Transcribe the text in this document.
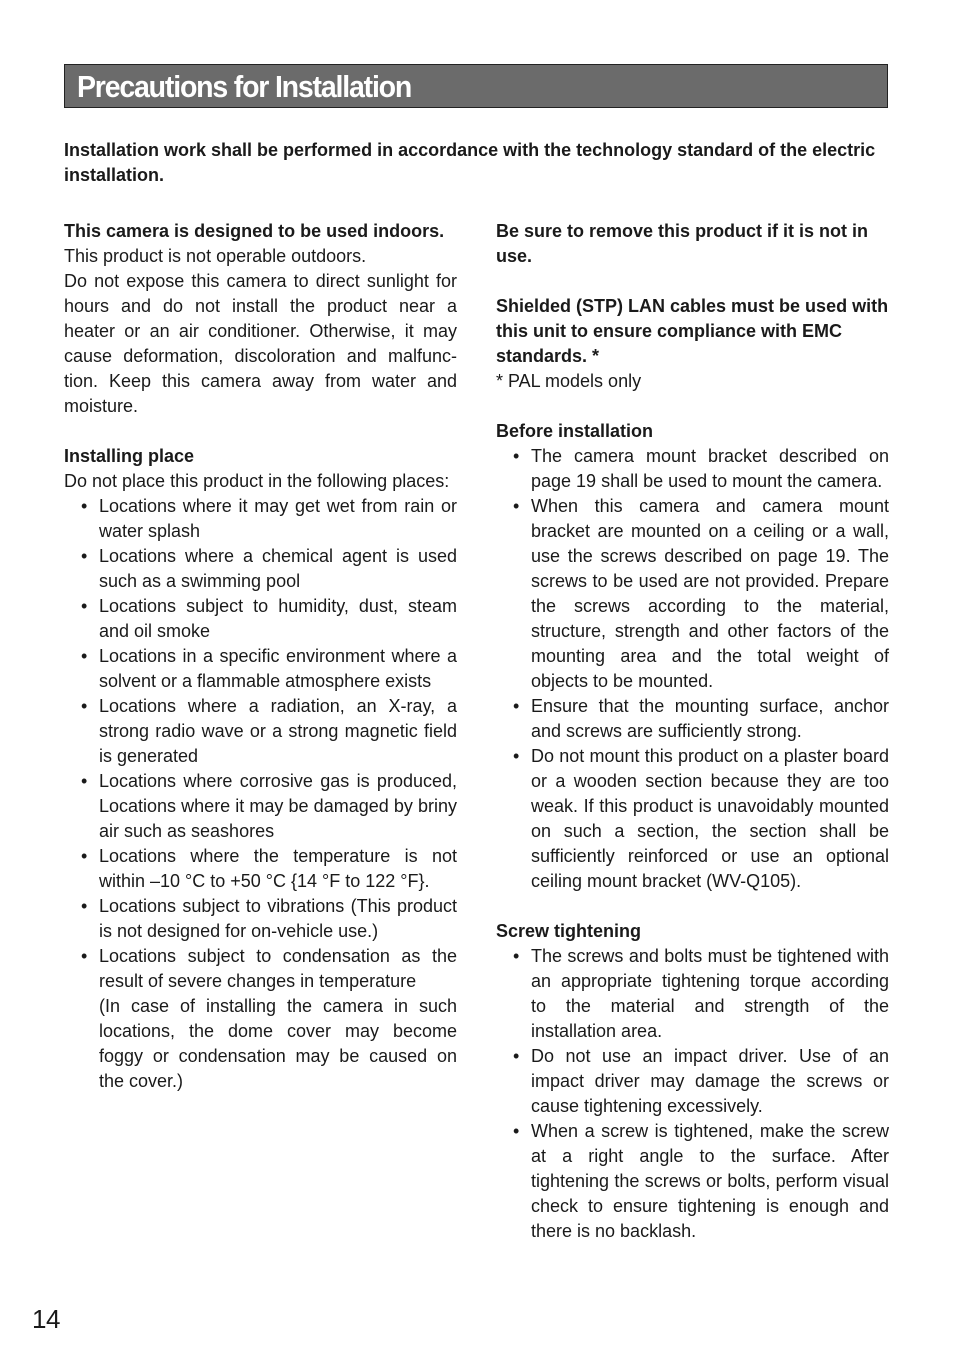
Precautions for Installation

Installation work shall be performed in accordance with the technology standard of the electric installation.

This camera is designed to be used indoors.

This product is not operable outdoors.

Do not expose this camera to direct sunlight for hours and do not install the product near a heater or an air conditioner. Otherwise, it may cause deformation, discoloration and malfunction. Keep this camera away from water and moisture.

Installing place

Do not place this product in the following places:

• Locations where it may get wet from rain or water splash
• Locations where a chemical agent is used such as a swimming pool
• Locations subject to humidity, dust, steam and oil smoke
• Locations in a specific environment where a solvent or a flammable atmosphere exists
• Locations where a radiation, an X-ray, a strong radio wave or a strong magnetic field is generated
• Locations where corrosive gas is produced, Locations where it may be damaged by briny air such as seashores
• Locations where the temperature is not within –10 °C to +50 °C {14 °F to 122 °F}.
• Locations subject to vibrations (This product is not designed for on-vehicle use.)
• Locations subject to condensation as the result of severe changes in temperature

(In case of installing the camera in such locations, the dome cover may become foggy or condensation may be caused on the cover.)

Be sure to remove this product if it is not in use.

Shielded (STP) LAN cables must be used with this unit to ensure compliance with EMC standards. *

* PAL models only

Before installation

• The camera mount bracket described on page 19 shall be used to mount the camera.
• When this camera and camera mount bracket are mounted on a ceiling or a wall, use the screws described on page 19. The screws to be used are not provided. Prepare the screws according to the material, structure, strength and other factors of the mounting area and the total weight of objects to be mounted.
• Ensure that the mounting surface, anchor and screws are sufficiently strong.
• Do not mount this product on a plaster board or a wooden section because they are too weak. If this product is unavoidably mounted on such a section, the section shall be sufficiently reinforced or use an optional ceiling mount bracket (WV-Q105).

Screw tightening

• The screws and bolts must be tightened with an appropriate tightening torque according to the material and strength of the installation area.
• Do not use an impact driver. Use of an impact driver may damage the screws or cause tightening excessively.
• When a screw is tightened, make the screw at a right angle to the surface. After tightening the screws or bolts, perform visual check to ensure tightening is enough and there is no backlash.
14
